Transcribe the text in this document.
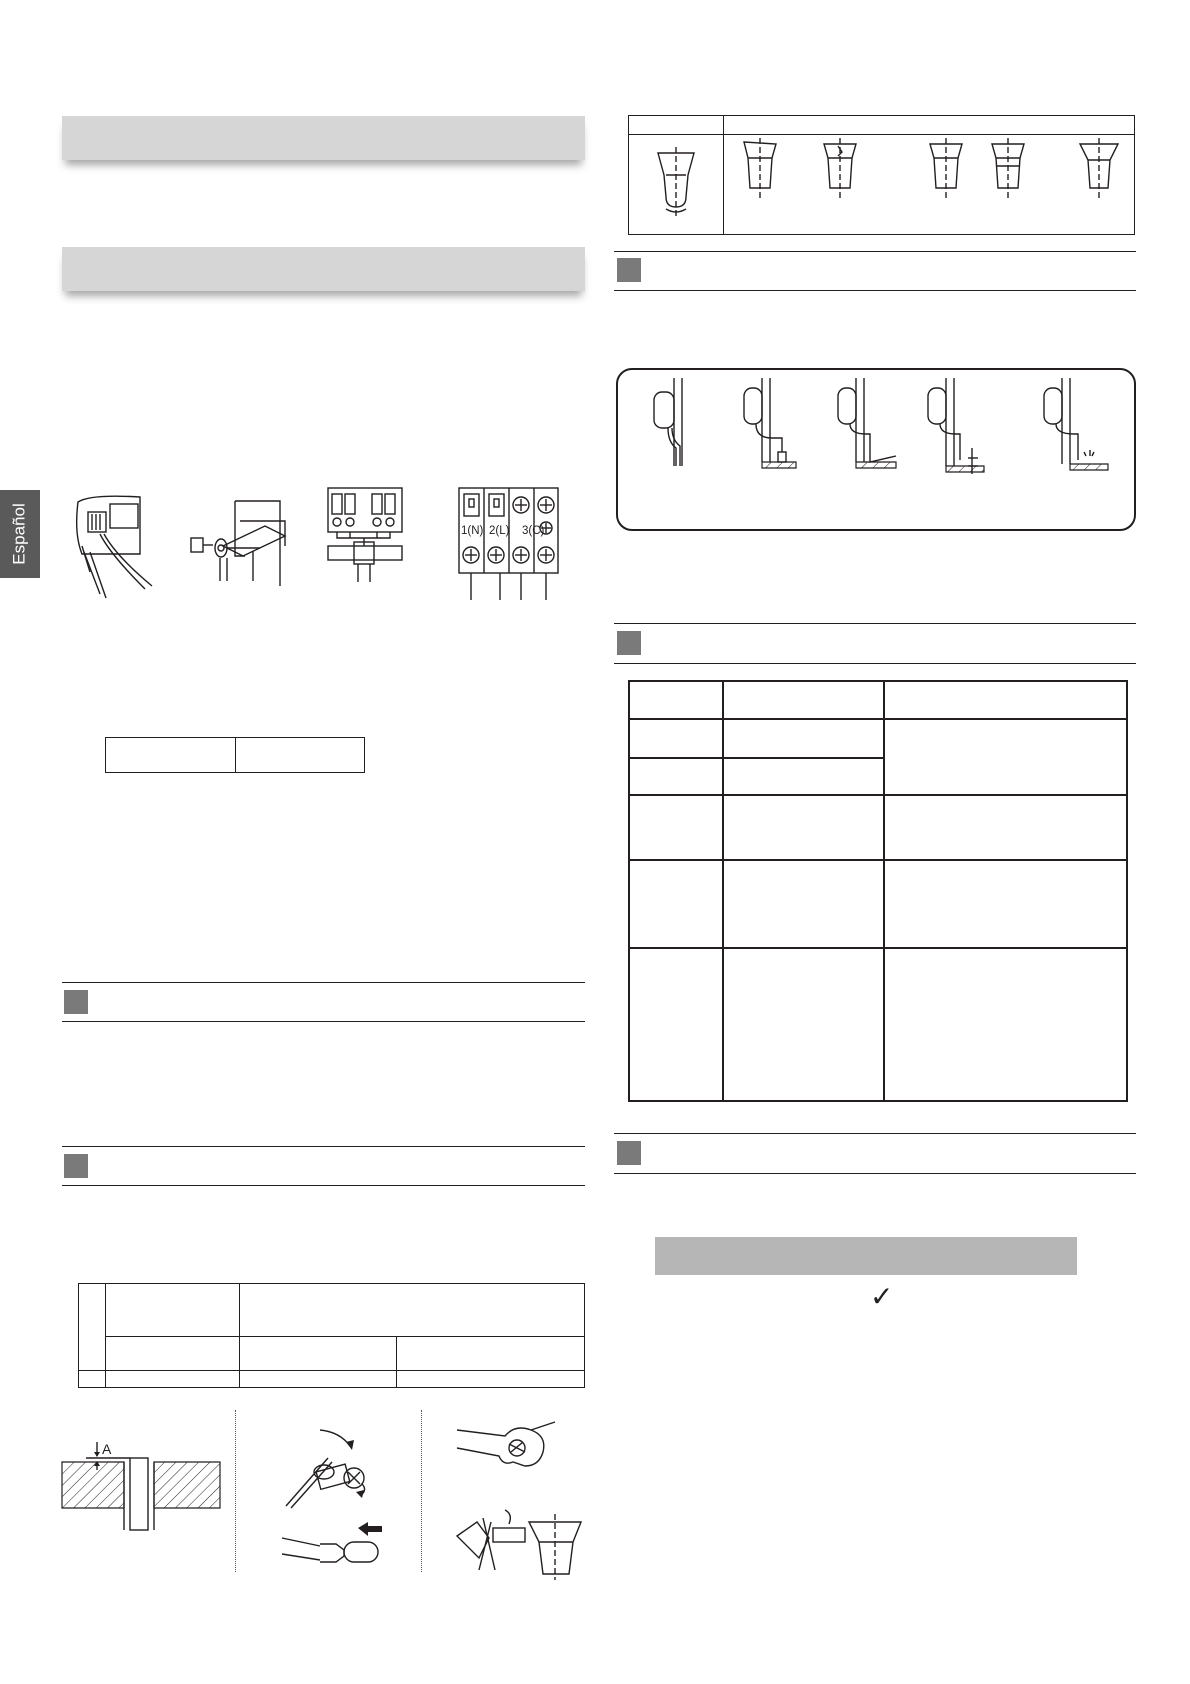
Español	1(N) 2(L) 3(C)
A
✓
